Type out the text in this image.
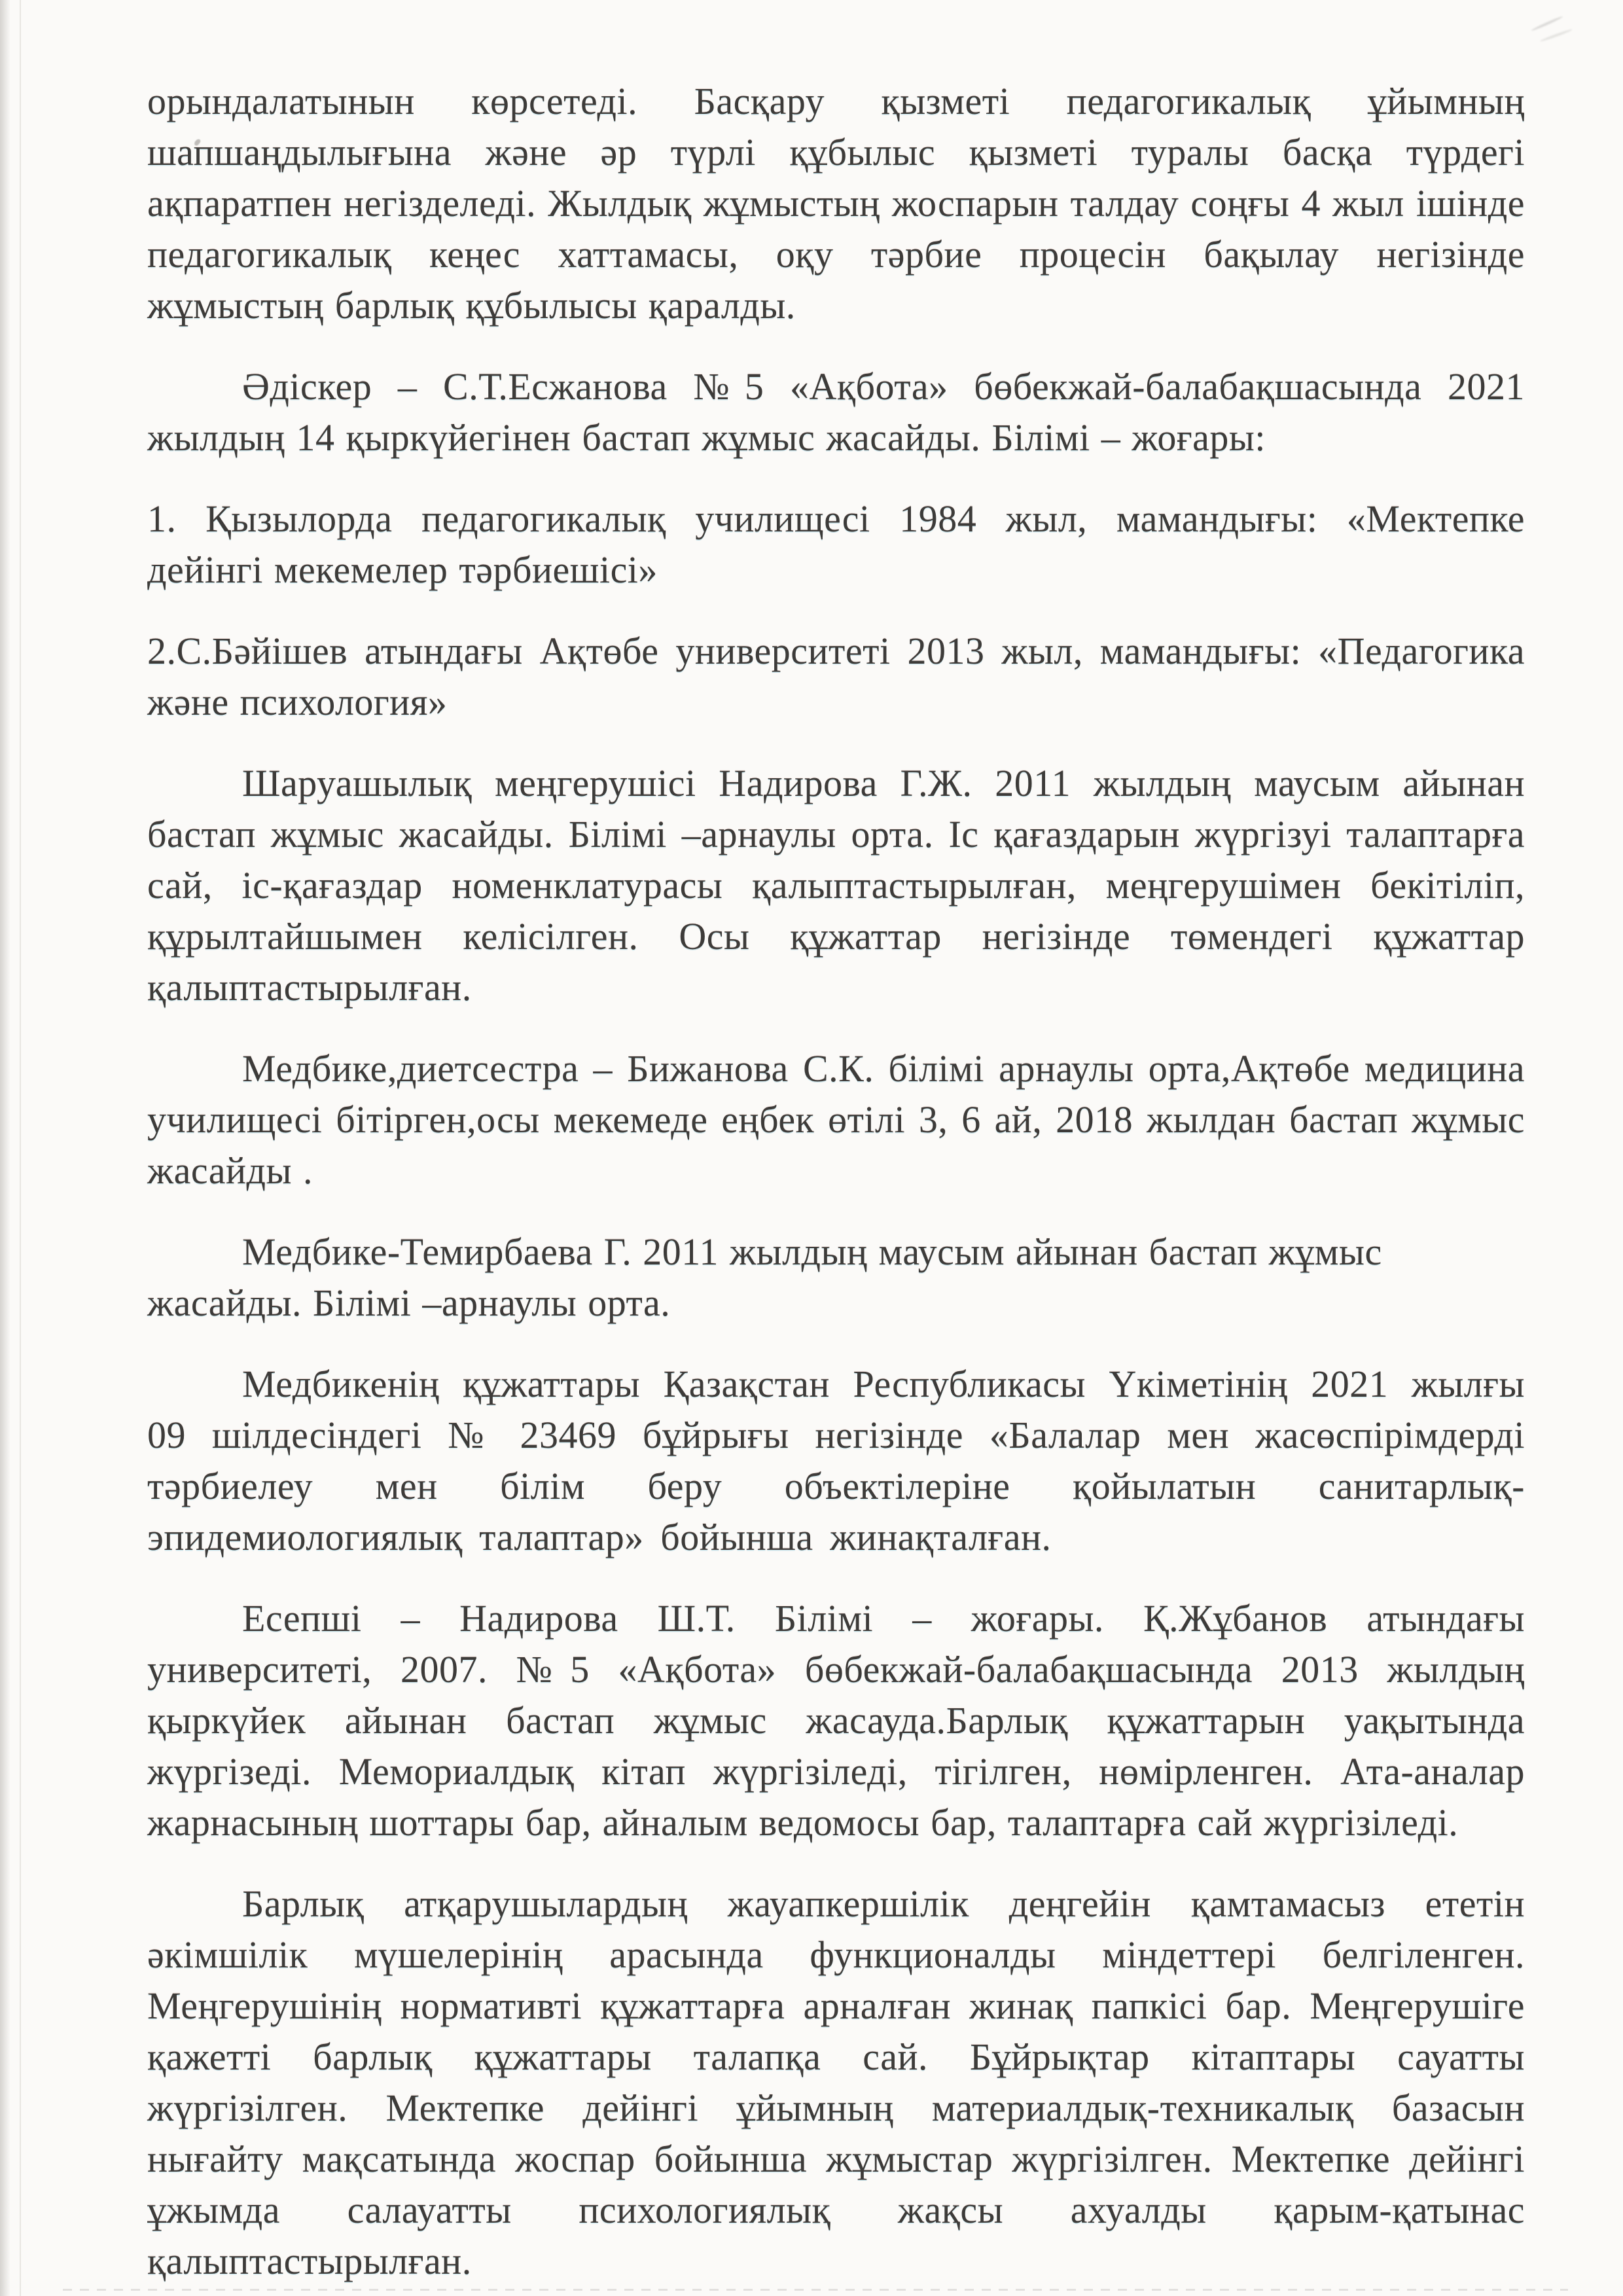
орындалатынын көрсетеді. Басқару қызметі педагогикалық ұйымның шапшаңдылығына және әр түрлі құбылыс қызметі туралы басқа түрдегі ақпаратпен негізделеді. Жылдық жұмыстың жоспарын талдау соңғы 4 жыл ішінде педагогикалық кеңес хаттамасы, оқу тәрбие процесін бақылау негізінде жұмыстың барлық құбылысы қаралды.

Әдіскер – С.Т.Есжанова №5 «Ақбота» бөбекжай-балабақшасында 2021 жылдың 14 қыркүйегінен бастап жұмыс жасайды. Білімі – жоғары:

1. Қызылорда педагогикалық училищесі 1984 жыл, мамандығы: «Мектепке дейінгі мекемелер тәрбиешісі»

2.С.Бәйішев атындағы Ақтөбе университеті 2013 жыл, мамандығы: «Педагогика және психология»

Шаруашылық меңгерушісі Надирова Г.Ж. 2011 жылдың маусым айынан бастап жұмыс жасайды. Білімі –арнаулы орта. Іс қағаздарын жүргізуі талаптарға сай, іс-қағаздар номенклатурасы қалыптастырылған, меңгерушімен бекітіліп, құрылтайшымен келісілген. Осы құжаттар негізінде төмендегі құжаттар қалыптастырылған.

Медбике,диетсестра – Бижанова С.К. білімі арнаулы орта,Ақтөбе медицина училищесі бітірген,осы мекемеде еңбек өтілі 3, 6 ай, 2018 жылдан бастап жұмыс жасайды .

Медбике-Темирбаева Г. 2011 жылдың маусым айынан бастап жұмыс жасайды. Білімі –арнаулы орта.

Медбикенің құжаттары Қазақстан Республикасы Үкіметінің 2021 жылғы 09 шілдесіндегі № 23469 бұйрығы негізінде «Балалар мен жасөспірімдерді тәрбиелеу мен білім беру объектілеріне қойылатын санитарлық-эпидемиологиялық талаптар» бойынша жинақталған.

Есепші – Надирова Ш.Т. Білімі – жоғары. Қ.Жұбанов атындағы университеті, 2007. №5 «Ақбота» бөбекжай-балабақшасында 2013 жылдың қыркүйек айынан бастап жұмыс жасауда.Барлық құжаттарын уақытында жүргізеді. Мемориалдық кітап жүргізіледі, тігілген, нөмірленген. Ата-аналар жарнасының шоттары бар, айналым ведомосы бар, талаптарға сай жүргізіледі.

Барлық атқарушылардың жауапкершілік деңгейін қамтамасыз ететін әкімшілік мүшелерінің арасында функционалды міндеттері белгіленген. Меңгерушінің нормативті құжаттарға арналған жинақ папкісі бар. Меңгерушіге қажетті барлық құжаттары талапқа сай. Бұйрықтар кітаптары сауатты жүргізілген. Мектепке дейінгі ұйымның материалдық-техникалық базасын нығайту мақсатында жоспар бойынша жұмыстар жүргізілген. Мектепке дейінгі ұжымда салауатты психологиялық жақсы ахуалды қарым-қатынас қалыптастырылған.
